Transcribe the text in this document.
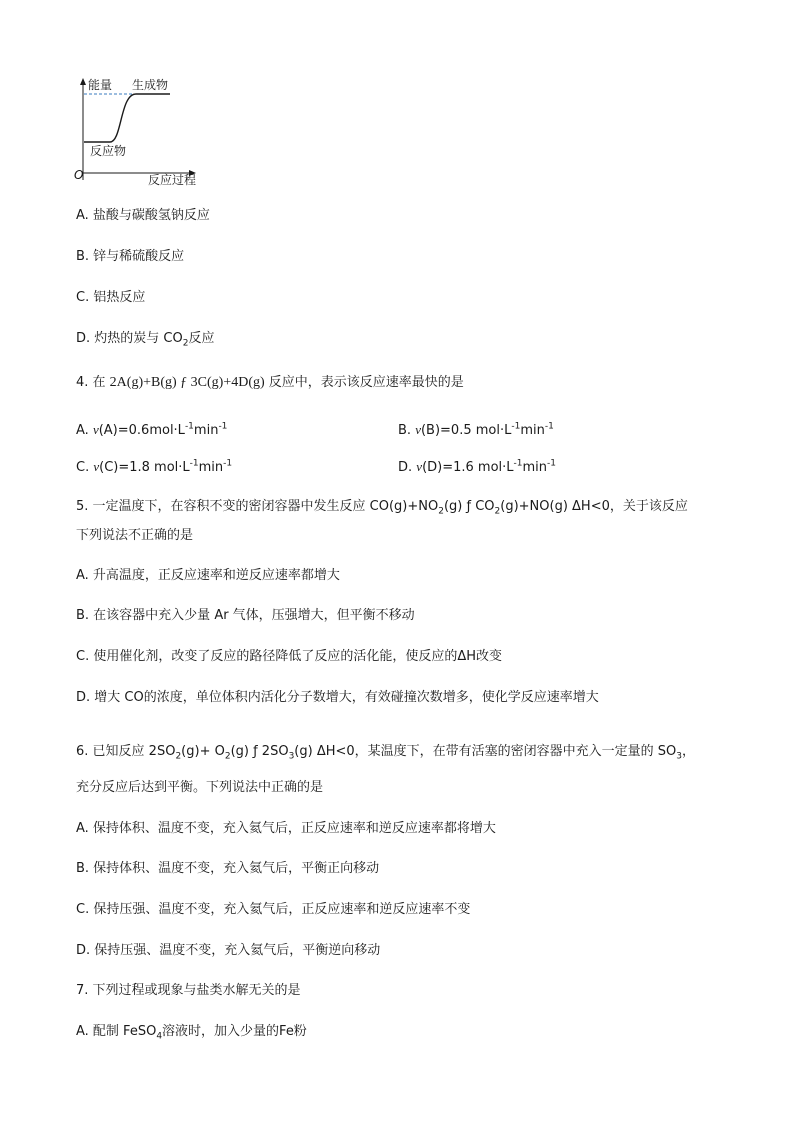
能量 生成物
反应物
O	反应过程
A. 盐酸与碳酸氢钠反应
B. 锌与稀硫酸反应
C. 铝热反应
D. 灼热的炭与 $CO_2$反应
4. 在 2A(g)+B(g) ƒ 3C(g)+4D(g) 反应中，表示该反应速率最快的是
A. $v(A)=0.6mol\cdot L^{-1}\min^{-1}$	B. v(B)=0.5 $mol\cdot L^{-1}\min^{-1}$
C. v(C)=1.8 $mol\cdot L^{-1}\min^{-1}$	D. v(D)=1.6 $mol\cdot L^{-1}\min^{-1}$
5. 一定温度下，在容积不变的密闭容器中发生反应 $CO(g)+NO_2(g)$ ƒ $CO_2(g)+NO(g)$ ΔH<0，关于该反应
下列说法不正确的是
A. 升高温度，正反应速率和逆反应速率都增大
B. 在该容器中充入少量 Ar 气体，压强增大，但平衡不移动
C. 使用催化剂，改变了反应的路径降低了反应的活化能，使反应的ΔH改变
D. 增大 CO的浓度，单位体积内活化分子数增大，有效碰撞次数增多，使化学反应速率增大
6. 已知反应 $2SO_2(g)+ O_2(g)$ ƒ $2SO_3(g)$ ΔH<0，某温度下，在带有活塞的密闭容器中充入一定量的 $SO_3$，
充分反应后达到平衡。下列说法中正确的是
A. 保持体积、温度不变，充入氦气后，正反应速率和逆反应速率都将增大
B. 保持体积、温度不变，充入氦气后，平衡正向移动
C. 保持压强、温度不变，充入氦气后，正反应速率和逆反应速率不变
D. 保持压强、温度不变，充入氦气后，平衡逆向移动
7. 下列过程或现象与盐类水解无关的是
A. 配制 FeSO$_4$溶液时，加入少量的Fe粉
